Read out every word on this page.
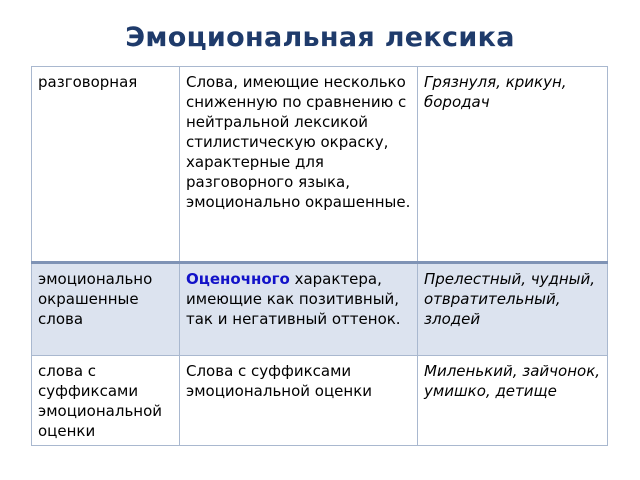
Эмоциональная лексика
разговорная	Слова, имеющие несколько сниженную по сравнению с нейтральной лексикой стилистическую окраску, характерные для разговорного языка, эмоционально окрашенные.	Грязнуля, крикун, бородач
эмоционально окрашенные слова	Оценочного характера, имеющие как позитивный, так и негативный оттенок.	Прелестный, чудный, отвратительный, злодей
слова с суффиксами эмоциональной оценки	Слова с суффиксами эмоциональной оценки	Миленький, зайчонок, умишко, детище
